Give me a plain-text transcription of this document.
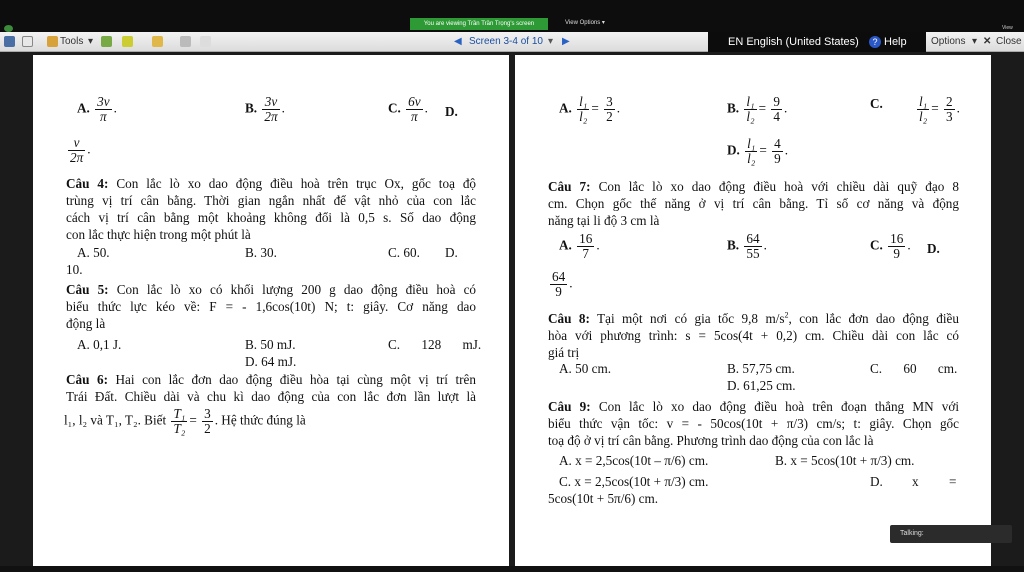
You are viewing Trần Trần Trọng's screen	View Options ▾
View
Tools ▾	◀ Screen 3-4 of 10 ▾ ▶	Options ▾ ✕ Close
EN English (United States)	? Help
A. $\frac{3v}{\pi}$ .	B. $\frac{3v}{2\pi}$ .	C. $\frac{6v}{\pi}$ . D.
$\frac{v}{2\pi}$ .
Câu 4: Con lắc lò xo dao động điều hoà trên trục Ox, gốc toạ độ
trùng vị trí cân bằng. Thời gian ngắn nhất để vật nhỏ của con lắc
cách vị trí cân bằng một khoảng không đổi là 0,5 s. Số dao động
con lắc thực hiện trong một phút là
A. 50.	B. 30.	C. 60. D.
10.
Câu 5: Con lắc lò xo có khối lượng 200 g dao động điều hoà có
biểu thức lực kéo về: F = - 1,6cos(10t) N; t: giây. Cơ năng dao
động là
A. 0,1 J.	B. 50 mJ.	C. 128 mJ.
D. 64 mJ.
Câu 6: Hai con lắc đơn dao động điều hòa tại cùng một vị trí trên
Trái Đất. Chiều dài và chu kì dao động của con lắc đơn lần lượt là
l₁, l₂ và T₁, T₂. Biết $\frac{\text{T₁}}{\text{T₂}} = \frac{3}{2}$ . Hệ thức đúng là
A. $\frac{\text{l₁}}{\text{l₂}} = \frac{3}{2}$ .	B. $\frac{\text{l₁}}{\text{l₂}} = \frac{9}{4}$ .	C.	$\frac{\text{l₁}}{\text{l₂}} = \frac{2}{3}$ .
D. $\frac{\text{l₁}}{\text{l₂}} = \frac{4}{9}$ .
Câu 7: Con lắc lò xo dao động điều hoà với chiều dài quỹ đạo 8
cm. Chọn gốc thế năng ở vị trí cân bằng. Tỉ số cơ năng và động
năng tại li độ 3 cm là
A. $\frac{16}{7}$ .	B. $\frac{64}{55}$ .	C. $\frac{16}{9}$ . D.
$\frac{64}{9}$ .
Câu 8: Tại một nơi có gia tốc 9,8 $m/s^2$, con lắc đơn dao động điều
hòa với phương trình: s = 5cos(4t + 0,2) cm. Chiều dài con lắc có
giá trị
A. 50 cm.	B. 57,75 cm.	C. 60 cm.
D. 61,25 cm.
Câu 9: Con lắc lò xo dao động điều hoà trên đoạn thẳng MN với
biểu thức vận tốc: v = - 50cos(10t + π/3) cm/s; t: giây. Chọn gốc
toạ độ ở vị trí cân bằng. Phương trình dao động của con lắc là
A. x = 2,5cos(10t – π/6) cm.	B. x = 5cos(10t + π/3) cm.
C. x = 2,5cos(10t + π/3) cm.	D. x =
5cos(10t + 5π/6) cm.
Talking:
